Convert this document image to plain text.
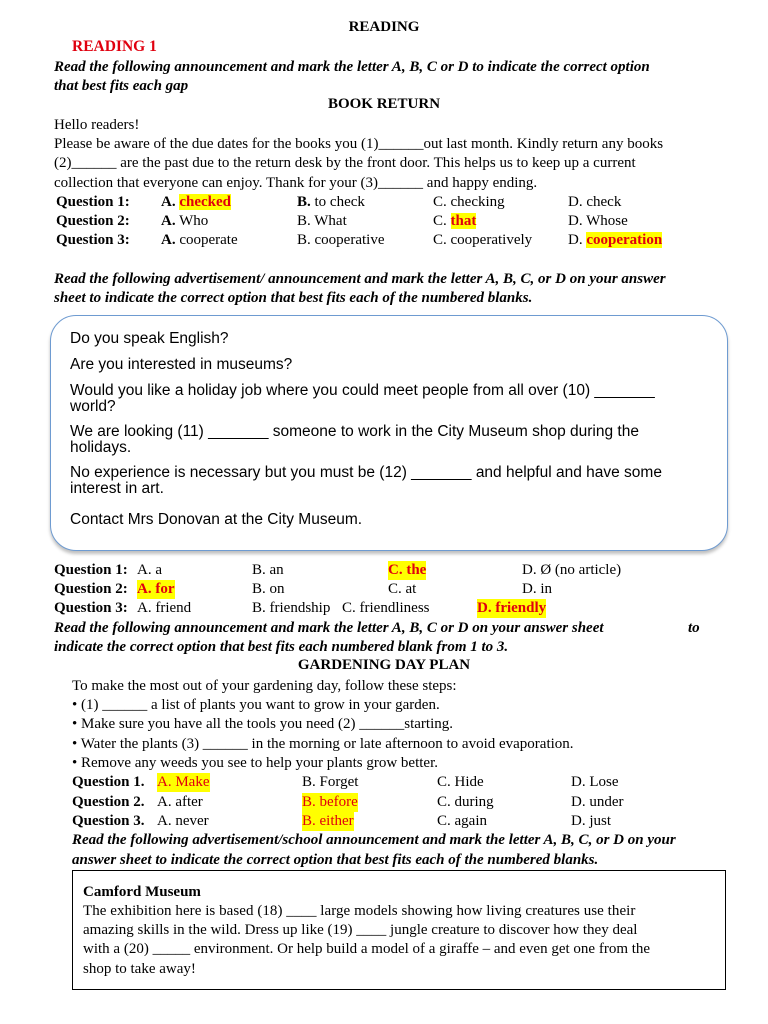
READING
READING 1
Read the following announcement and mark the letter A, B, C or D to indicate the correct option
that best fits each gap
BOOK RETURN
Hello readers!
Please be aware of the due dates for the books you (1)______out last month. Kindly return any books
(2)______ are the past due to the return desk by the front door. This helps us to keep up a current
collection that everyone can enjoy. Thank for your (3)______ and happy ending.
Question 1: A. checked	B. to check	C. checking	D. check
Question 2: A. Who	B. What	C. that	D. Whose
Question 3: A. cooperate	B. cooperative	C. cooperatively D. cooperation
Read the following advertisement/ announcement and mark the letter A, B, C, or D on your answer
sheet to indicate the correct option that best fits each of the numbered blanks.
Do you speak English?
Are you interested in museums?
Would you like a holiday job where you could meet people from all over (10) _______
world?
We are looking (11) _______ someone to work in the City Museum shop during the
holidays.
No experience is necessary but you must be (12) _______ and helpful and have some
interest in art.
Contact Mrs Donovan at the City Museum.
Question 1: A. a	B. an	C. the	D. Ø (no article)
Question 2: A. for	B. on	C. at	D. in
Question 3: A. friend	B. friendship C. friendliness	D. friendly
Read the following announcement and mark the letter A, B, C or D on your answer sheet	to
indicate the correct option that best fits each numbered blank from 1 to 3.
GARDENING DAY PLAN
To make the most out of your gardening day, follow these steps:
• (1) ______ a list of plants you want to grow in your garden.
• Make sure you have all the tools you need (2) ______starting.
• Water the plants (3) ______ in the morning or late afternoon to avoid evaporation.
• Remove any weeds you see to help your plants grow better.
Question 1. A. Make	B. Forget	C. Hide	D. Lose
Question 2. A. after	B. before	C. during	D. under
Question 3. A. never	B. either	C. again	D. just
Read the following advertisement/school announcement and mark the letter A, B, C, or D on your
answer sheet to indicate the correct option that best fits each of the numbered blanks.
Camford Museum
The exhibition here is based (18) ____ large models showing how living creatures use their
amazing skills in the wild. Dress up like (19) ____ jungle creature to discover how they deal
with a (20) _____ environment. Or help build a model of a giraffe – and even get one from the
shop to take away!
